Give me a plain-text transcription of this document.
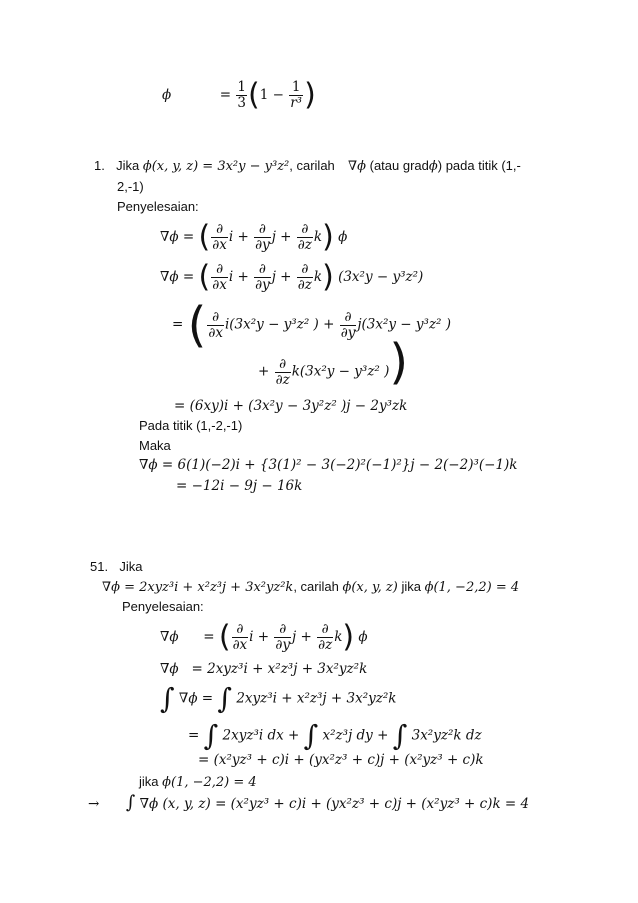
ϕ	= $\frac{1}{3} (1 - \frac{1}{\text{r³}}$ )
1. Jika ϕ(x, y, z) = 3x²y − y³z², carilah ∇ϕ (atau gradϕ) pada titik (1,-
2,-1)
Penyelesaian:
∇ϕ = ( $\frac{\partial}{\partial x}$ $i + \frac{\partial}{\partial y}$ $j + \frac{\partial}{\partial z} k$) ϕ
∇ϕ = ( $\frac{\partial}{\partial x}$ $i + \frac{\partial}{\partial y}$ $j + \frac{\partial}{\partial z} k$) (3x²y − y³z²)
= ( $\frac{\partial}{\partial x} i(3x^2y - y^3z^2$ ) + $\frac{\partial}{\partial y} j(3x^2y - y^3z^2$ )
+ $\frac{\partial}{\partial z} k(3x^2y - y^3z^2$ ))
= (6xy)i + (3x²y − 3y²z² )j − 2y³zk
Pada titik (1,-2,-1)
Maka
∇ϕ = 6(1)(−2)i + {3(1)² − 3(−2)²(−1)²}j − 2(−2)³(−1)k
= −12i − 9j − 16k
51. Jika
∇ϕ = 2xyz³i + x²z³j + 3x²yz²k, carilah ϕ(x, y, z) jika ϕ(1, −2,2) = 4
Penyelesaian:
∇ϕ = ( $\frac{\partial}{\partial x}$ $i + \frac{\partial}{\partial y}$ $j + \frac{\partial}{\partial z} k$) ϕ
∇ϕ   = 2xyz³i + x²z³j + 3x²yz²k
∫ ∇ϕ = ∫ 2xyz³i + x²z³j + 3x²yz²k
= ∫ 2xyz³i dx + ∫ x²z³j dy + ∫ 3x²yz²k dz
= (x²yz³ + c)i + (yx²z³ + c)j + (x²yz³ + c)k
jika ϕ(1, −2,2) = 4
→ ∫ ∇ϕ (x, y, z) = (x²yz³ + c)i + (yx²z³ + c)j + (x²yz³ + c)k = 4
